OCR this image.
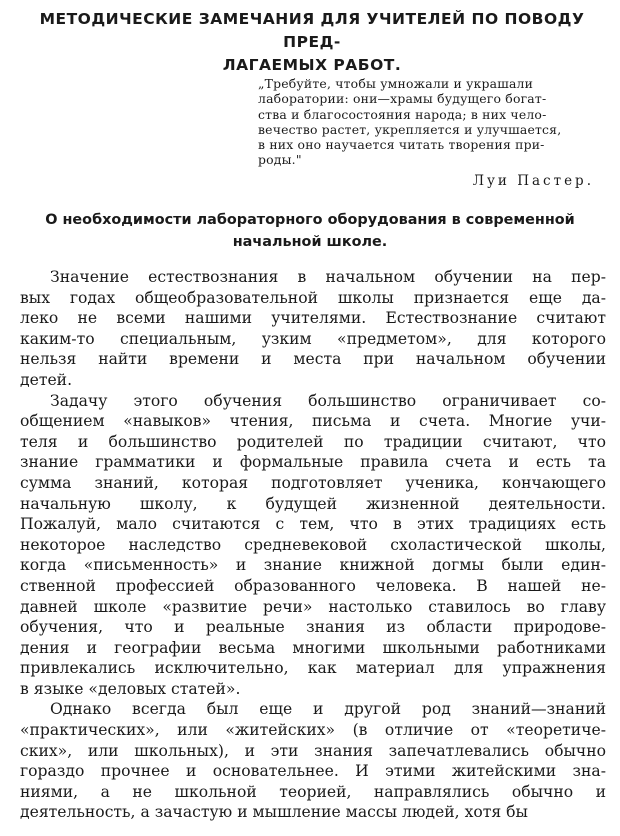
МЕТОДИЧЕСКИЕ ЗАМЕЧАНИЯ ДЛЯ УЧИТЕЛЕЙ ПО ПОВОДУ ПРЕД-
ЛАГАЕМЫХ РАБОТ.
„Требуйте, чтобы умножали и украшали
лаборатории: они—храмы будущего богат-
ства и благосостояния народа; в них чело-
вечество растет, укрепляется и улучшается,
в них оно научается читать творения при-
роды."
Луи Пастер.
О необходимости лабораторного оборудования в современной
начальной школе.
Значение естествознания в начальном обучении на пер-
вых годах общеобразовательной школы признается еще да-
леко не всеми нашими учителями. Естествознание считают
каким-то специальным, узким «предметом», для которого
нельзя найти времени и места при начальном обучении
детей.
Задачу этого обучения большинство ограничивает со-
общением «навыков» чтения, письма и счета. Многие учи-
теля и большинство родителей по традиции считают, что
знание грамматики и формальные правила счета и есть та
сумма знаний, которая подготовляет ученика, кончающего
начальную школу, к будущей жизненной деятельности.
Пожалуй, мало считаются с тем, что в этих традициях есть
некоторое наследство средневековой схоластической школы,
когда «письменность» и знание книжной догмы были един-
ственной профессией образованного человека. В нашей не-
давней школе «развитие речи» настолько ставилось во главу
обучения, что и реальные знания из области природове-
дения и географии весьма многими школьными работниками
привлекались исключительно, как материал для упражнения
в языке «деловых статей».
Однако всегда был еще и другой род знаний—знаний
«практических», или «житейских» (в отличие от «теоретиче-
ских», или школьных), и эти знания запечатлевались обычно
гораздо прочнее и основательнее. И этими житейскими зна-
ниями, а не школьной теорией, направлялись обычно и
деятельность, а зачастую и мышление массы людей, хотя бы
